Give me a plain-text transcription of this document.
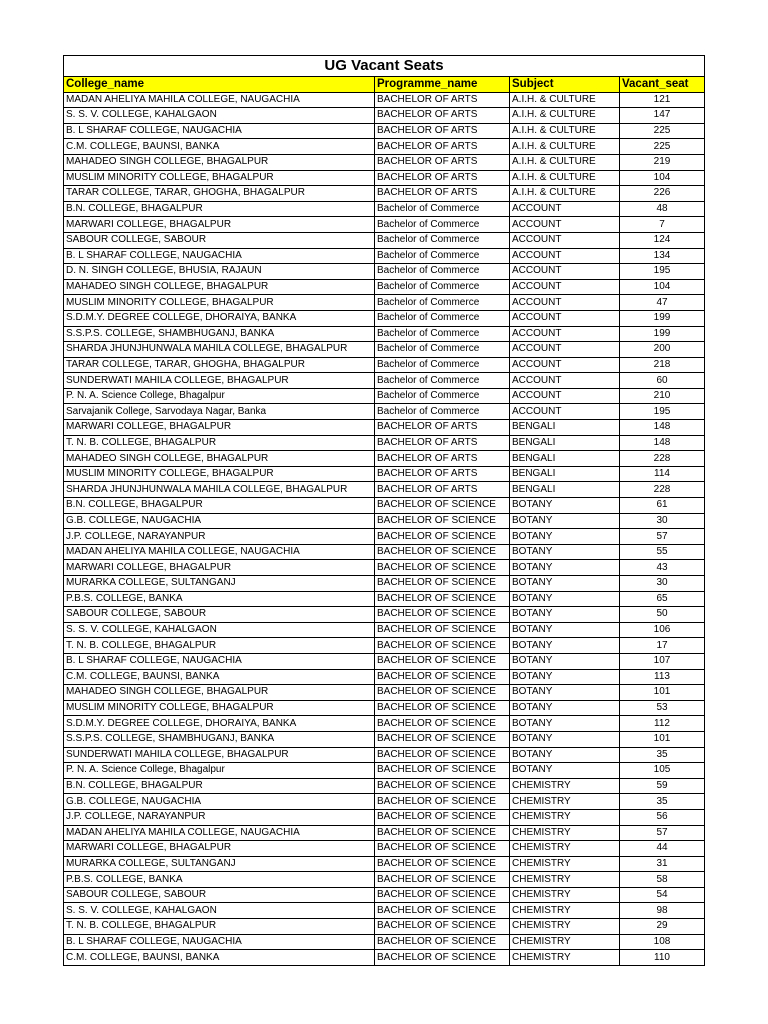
UG Vacant Seats			
College_name	Programme_name	Subject	Vacant_seat
MADAN AHELIYA MAHILA COLLEGE, NAUGACHIA	BACHELOR OF ARTS	A.I.H. & CULTURE	121
S. S. V. COLLEGE, KAHALGAON	BACHELOR OF ARTS	A.I.H. & CULTURE	147
B. L SHARAF COLLEGE, NAUGACHIA	BACHELOR OF ARTS	A.I.H. & CULTURE	225
C.M. COLLEGE, BAUNSI, BANKA	BACHELOR OF ARTS	A.I.H. & CULTURE	225
MAHADEO SINGH COLLEGE, BHAGALPUR	BACHELOR OF ARTS	A.I.H. & CULTURE	219
MUSLIM MINORITY COLLEGE, BHAGALPUR	BACHELOR OF ARTS	A.I.H. & CULTURE	104
TARAR COLLEGE, TARAR, GHOGHA, BHAGALPUR	BACHELOR OF ARTS	A.I.H. & CULTURE	226
B.N. COLLEGE, BHAGALPUR	Bachelor of Commerce	ACCOUNT	48
MARWARI COLLEGE, BHAGALPUR	Bachelor of Commerce	ACCOUNT	7
SABOUR COLLEGE, SABOUR	Bachelor of Commerce	ACCOUNT	124
B. L SHARAF COLLEGE, NAUGACHIA	Bachelor of Commerce	ACCOUNT	134
D. N. SINGH COLLEGE, BHUSIA, RAJAUN	Bachelor of Commerce	ACCOUNT	195
MAHADEO SINGH COLLEGE, BHAGALPUR	Bachelor of Commerce	ACCOUNT	104
MUSLIM MINORITY COLLEGE, BHAGALPUR	Bachelor of Commerce	ACCOUNT	47
S.D.M.Y. DEGREE COLLEGE, DHORAIYA, BANKA	Bachelor of Commerce	ACCOUNT	199
S.S.P.S. COLLEGE, SHAMBHUGANJ, BANKA	Bachelor of Commerce	ACCOUNT	199
SHARDA JHUNJHUNWALA MAHILA COLLEGE, BHAGALPUR	Bachelor of Commerce	ACCOUNT	200
TARAR COLLEGE, TARAR, GHOGHA, BHAGALPUR	Bachelor of Commerce	ACCOUNT	218
SUNDERWATI MAHILA COLLEGE, BHAGALPUR	Bachelor of Commerce	ACCOUNT	60
P. N. A. Science College, Bhagalpur	Bachelor of Commerce	ACCOUNT	210
Sarvajanik College, Sarvodaya Nagar, Banka	Bachelor of Commerce	ACCOUNT	195
MARWARI COLLEGE, BHAGALPUR	BACHELOR OF ARTS	BENGALI	148
T. N. B. COLLEGE, BHAGALPUR	BACHELOR OF ARTS	BENGALI	148
MAHADEO SINGH COLLEGE, BHAGALPUR	BACHELOR OF ARTS	BENGALI	228
MUSLIM MINORITY COLLEGE, BHAGALPUR	BACHELOR OF ARTS	BENGALI	114
SHARDA JHUNJHUNWALA MAHILA COLLEGE, BHAGALPUR	BACHELOR OF ARTS	BENGALI	228
B.N. COLLEGE, BHAGALPUR	BACHELOR OF SCIENCE	BOTANY	61
G.B. COLLEGE, NAUGACHIA	BACHELOR OF SCIENCE	BOTANY	30
J.P. COLLEGE, NARAYANPUR	BACHELOR OF SCIENCE	BOTANY	57
MADAN AHELIYA MAHILA COLLEGE, NAUGACHIA	BACHELOR OF SCIENCE	BOTANY	55
MARWARI COLLEGE, BHAGALPUR	BACHELOR OF SCIENCE	BOTANY	43
MURARKA COLLEGE, SULTANGANJ	BACHELOR OF SCIENCE	BOTANY	30
P.B.S. COLLEGE, BANKA	BACHELOR OF SCIENCE	BOTANY	65
SABOUR COLLEGE, SABOUR	BACHELOR OF SCIENCE	BOTANY	50
S. S. V. COLLEGE, KAHALGAON	BACHELOR OF SCIENCE	BOTANY	106
T. N. B. COLLEGE, BHAGALPUR	BACHELOR OF SCIENCE	BOTANY	17
B. L SHARAF COLLEGE, NAUGACHIA	BACHELOR OF SCIENCE	BOTANY	107
C.M. COLLEGE, BAUNSI, BANKA	BACHELOR OF SCIENCE	BOTANY	113
MAHADEO SINGH COLLEGE, BHAGALPUR	BACHELOR OF SCIENCE	BOTANY	101
MUSLIM MINORITY COLLEGE, BHAGALPUR	BACHELOR OF SCIENCE	BOTANY	53
S.D.M.Y. DEGREE COLLEGE, DHORAIYA, BANKA	BACHELOR OF SCIENCE	BOTANY	112
S.S.P.S. COLLEGE, SHAMBHUGANJ, BANKA	BACHELOR OF SCIENCE	BOTANY	101
SUNDERWATI MAHILA COLLEGE, BHAGALPUR	BACHELOR OF SCIENCE	BOTANY	35
P. N. A. Science College, Bhagalpur	BACHELOR OF SCIENCE	BOTANY	105
B.N. COLLEGE, BHAGALPUR	BACHELOR OF SCIENCE	CHEMISTRY	59
G.B. COLLEGE, NAUGACHIA	BACHELOR OF SCIENCE	CHEMISTRY	35
J.P. COLLEGE, NARAYANPUR	BACHELOR OF SCIENCE	CHEMISTRY	56
MADAN AHELIYA MAHILA COLLEGE, NAUGACHIA	BACHELOR OF SCIENCE	CHEMISTRY	57
MARWARI COLLEGE, BHAGALPUR	BACHELOR OF SCIENCE	CHEMISTRY	44
MURARKA COLLEGE, SULTANGANJ	BACHELOR OF SCIENCE	CHEMISTRY	31
P.B.S. COLLEGE, BANKA	BACHELOR OF SCIENCE	CHEMISTRY	58
SABOUR COLLEGE, SABOUR	BACHELOR OF SCIENCE	CHEMISTRY	54
S. S. V. COLLEGE, KAHALGAON	BACHELOR OF SCIENCE	CHEMISTRY	98
T. N. B. COLLEGE, BHAGALPUR	BACHELOR OF SCIENCE	CHEMISTRY	29
B. L SHARAF COLLEGE, NAUGACHIA	BACHELOR OF SCIENCE	CHEMISTRY	108
C.M. COLLEGE, BAUNSI, BANKA	BACHELOR OF SCIENCE	CHEMISTRY	110
